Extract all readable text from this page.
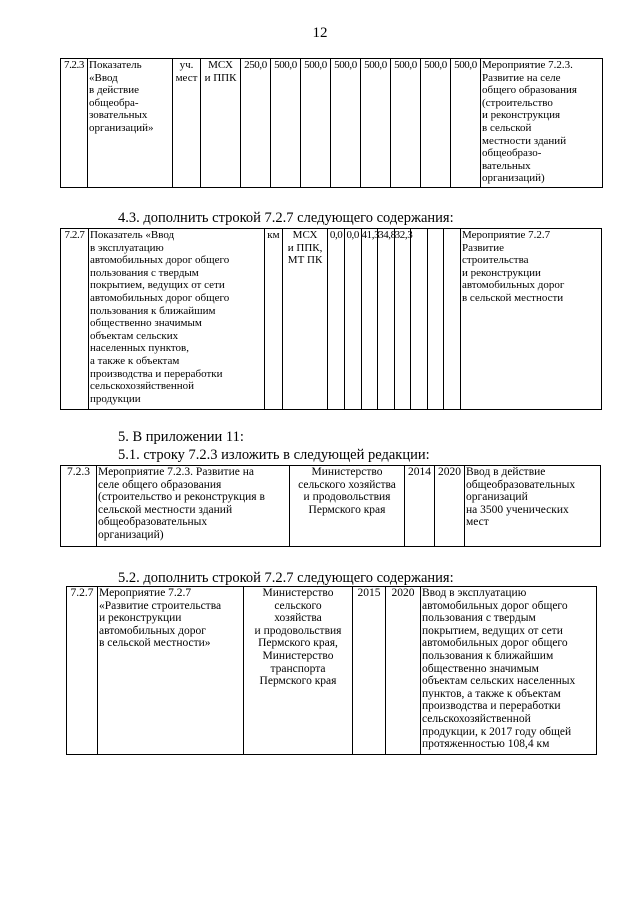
12
7.2.3	Показатель
«Ввод
в действие
общеобра-
зовательных
организаций»	уч.
мест	МСХ
и ППК	250,0	500,0	500,0	500,0	500,0	500,0	500,0	500,0	Мероприятие 7.2.3.
Развитие на селе
общего образования
(строительство
и реконструкция
в сельской
местности зданий
общеобразо-
вательных
организаций)
4.3. дополнить строкой 7.2.7 следующего содержания:
7.2.7	Показатель «Ввод
в эксплуатацию
автомобильных дорог общего
пользования с твердым
покрытием, ведущих от сети
автомобильных дорог общего
пользования к ближайшим
общественно значимым
объектам сельских
населенных пунктов,
а также к объектам
производства и переработки
сельскохозяйственной
продукции	км	МСХ
и ППК,
МТ ПК	0,0	0,0	41,3	34,8	32,3				Мероприятие 7.2.7
Развитие
строительства
и реконструкции
автомобильных дорог
в сельской местности
5. В приложении 11:
5.1. строку 7.2.3 изложить в следующей редакции:
7.2.3	Мероприятие 7.2.3. Развитие на
селе общего образования
(строительство и реконструкция в
сельской местности зданий
общеобразовательных
организаций)	Министерство
сельского хозяйства
и продовольствия
Пермского края	2014	2020	Ввод в действие
общеобразовательных
организаций
на 3500 ученических
мест
5.2. дополнить строкой 7.2.7 следующего содержания:
7.2.7	Мероприятие 7.2.7
«Развитие строительства
и реконструкции
автомобильных дорог
в сельской местности»	Министерство
сельского
хозяйства
и продовольствия
Пермского края,
Министерство
транспорта
Пермского края	2015	2020	Ввод в эксплуатацию
автомобильных дорог общего
пользования с твердым
покрытием, ведущих от сети
автомобильных дорог общего
пользования к ближайшим
общественно значимым
объектам сельских населенных
пунктов, а также к объектам
производства и переработки
сельскохозяйственной
продукции, к 2017 году общей
протяженностью 108,4 км
